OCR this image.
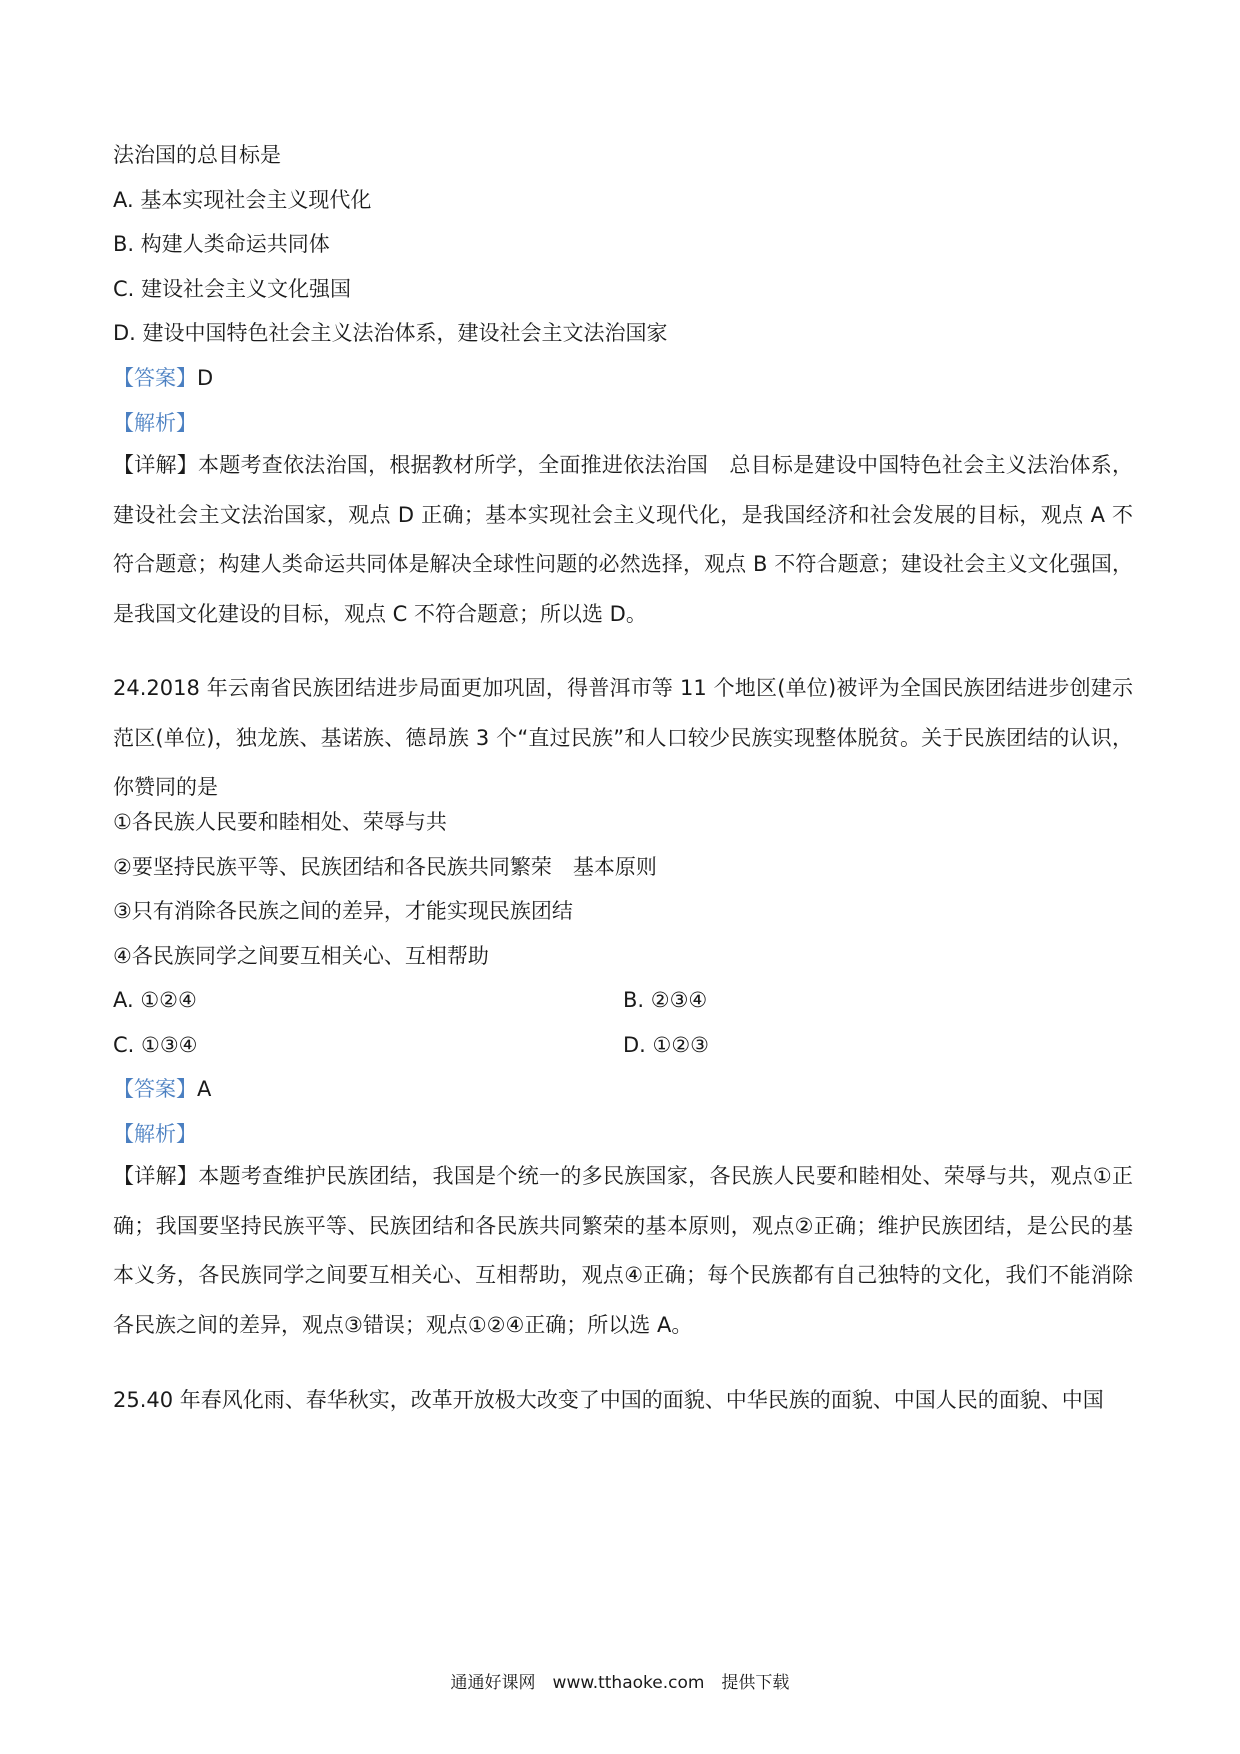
法治国的总目标是
A. 基本实现社会主义现代化
B. 构建人类命运共同体
C. 建设社会主义文化强国
D. 建设中国特色社会主义法治体系，建设社会主文法治国家
【答案】D
【解析】
【详解】本题考查依法治国，根据教材所学，全面推进依法治国　总目标是建设中国特色社会主义法治体系，建设社会主文法治国家，观点 D 正确；基本实现社会主义现代化，是我国经济和社会发展的目标，观点 A 不符合题意；构建人类命运共同体是解决全球性问题的必然选择，观点 B 不符合题意；建设社会主义文化强国，是我国文化建设的目标，观点 C 不符合题意；所以选 D。
24.2018 年云南省民族团结进步局面更加巩固，得普洱市等 11 个地区(单位)被评为全国民族团结进步创建示范区(单位)，独龙族、基诺族、德昂族 3 个“直过民族”和人口较少民族实现整体脱贫。关于民族团结的认识，你赞同的是
①各民族人民要和睦相处、荣辱与共
②要坚持民族平等、民族团结和各民族共同繁荣　基本原则
③只有消除各民族之间的差异，才能实现民族团结
④各民族同学之间要互相关心、互相帮助
A. ①②④	B. ②③④
C. ①③④	D. ①②③
【答案】A
【解析】
【详解】本题考查维护民族团结，我国是个统一的多民族国家，各民族人民要和睦相处、荣辱与共，观点①正确；我国要坚持民族平等、民族团结和各民族共同繁荣的基本原则，观点②正确；维护民族团结，是公民的基本义务，各民族同学之间要互相关心、互相帮助，观点④正确；每个民族都有自己独特的文化，我们不能消除各民族之间的差异，观点③错误；观点①②④正确；所以选 A。
25.40 年春风化雨、春华秋实，改革开放极大改变了中国的面貌、中华民族的面貌、中国人民的面貌、中国
通通好课网　www.tthaoke.com　提供下载
